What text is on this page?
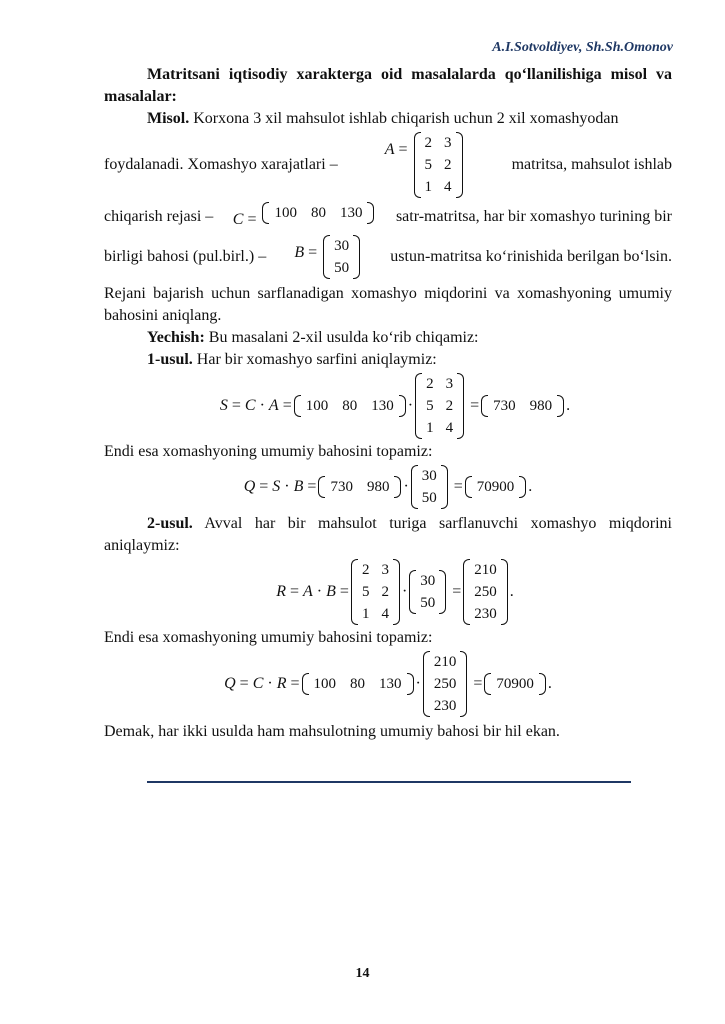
A.I.Sotvoldiyev, Sh.Sh.Omonov

Matritsani iqtisodiy xarakterga oid masalalarda qo‘llanilishiga misol va masalalar:

Misol. Korxona 3 xil mahsulot ishlab chiqarish uchun 2 xil xomashyodan

foydalanadi. Xomashyo xarajatlari –
A = 2	3
5	2
1	4
matritsa, mahsulot ishlab
chiqarish rejasi – C = 100	80	130 satr-matritsa, har bir xomashyo turining bir
birligi bahosi (pul.birl.) – B = 30
50
ustun-matritsa ko‘rinishida berilgan bo‘lsin.

Rejani bajarish uchun sarflanadigan xomashyo miqdorini va xomashyoning umumiy bahosini aniqlang.

Yechish: Bu masalani 2-xil usulda ko‘rib chiqamiz:

1-usul. Har bir xomashyo sarfini aniqlaymiz:

S = C
·
A = 100	80	130 ·
2	3
5	2
1	4
= 730	980 .

Endi esa xomashyoning umumiy bahosini topamiz:

Q = S
·
B = 730	980 ·
30
50
= 70900 .

2-usul. Avval har bir mahsulot turiga sarflanuvchi xomashyo miqdorini aniqlaymiz:

R = A
·
B =
2	3
5	2
1	4
·
30
50
=
210
250
230
.

Endi esa xomashyoning umumiy bahosini topamiz:

Q = C
·
R = 100	80	130 ·
210
250
230
= 70900 .

Demak, har ikki usulda ham mahsulotning umumiy bahosi bir hil ekan.

14
